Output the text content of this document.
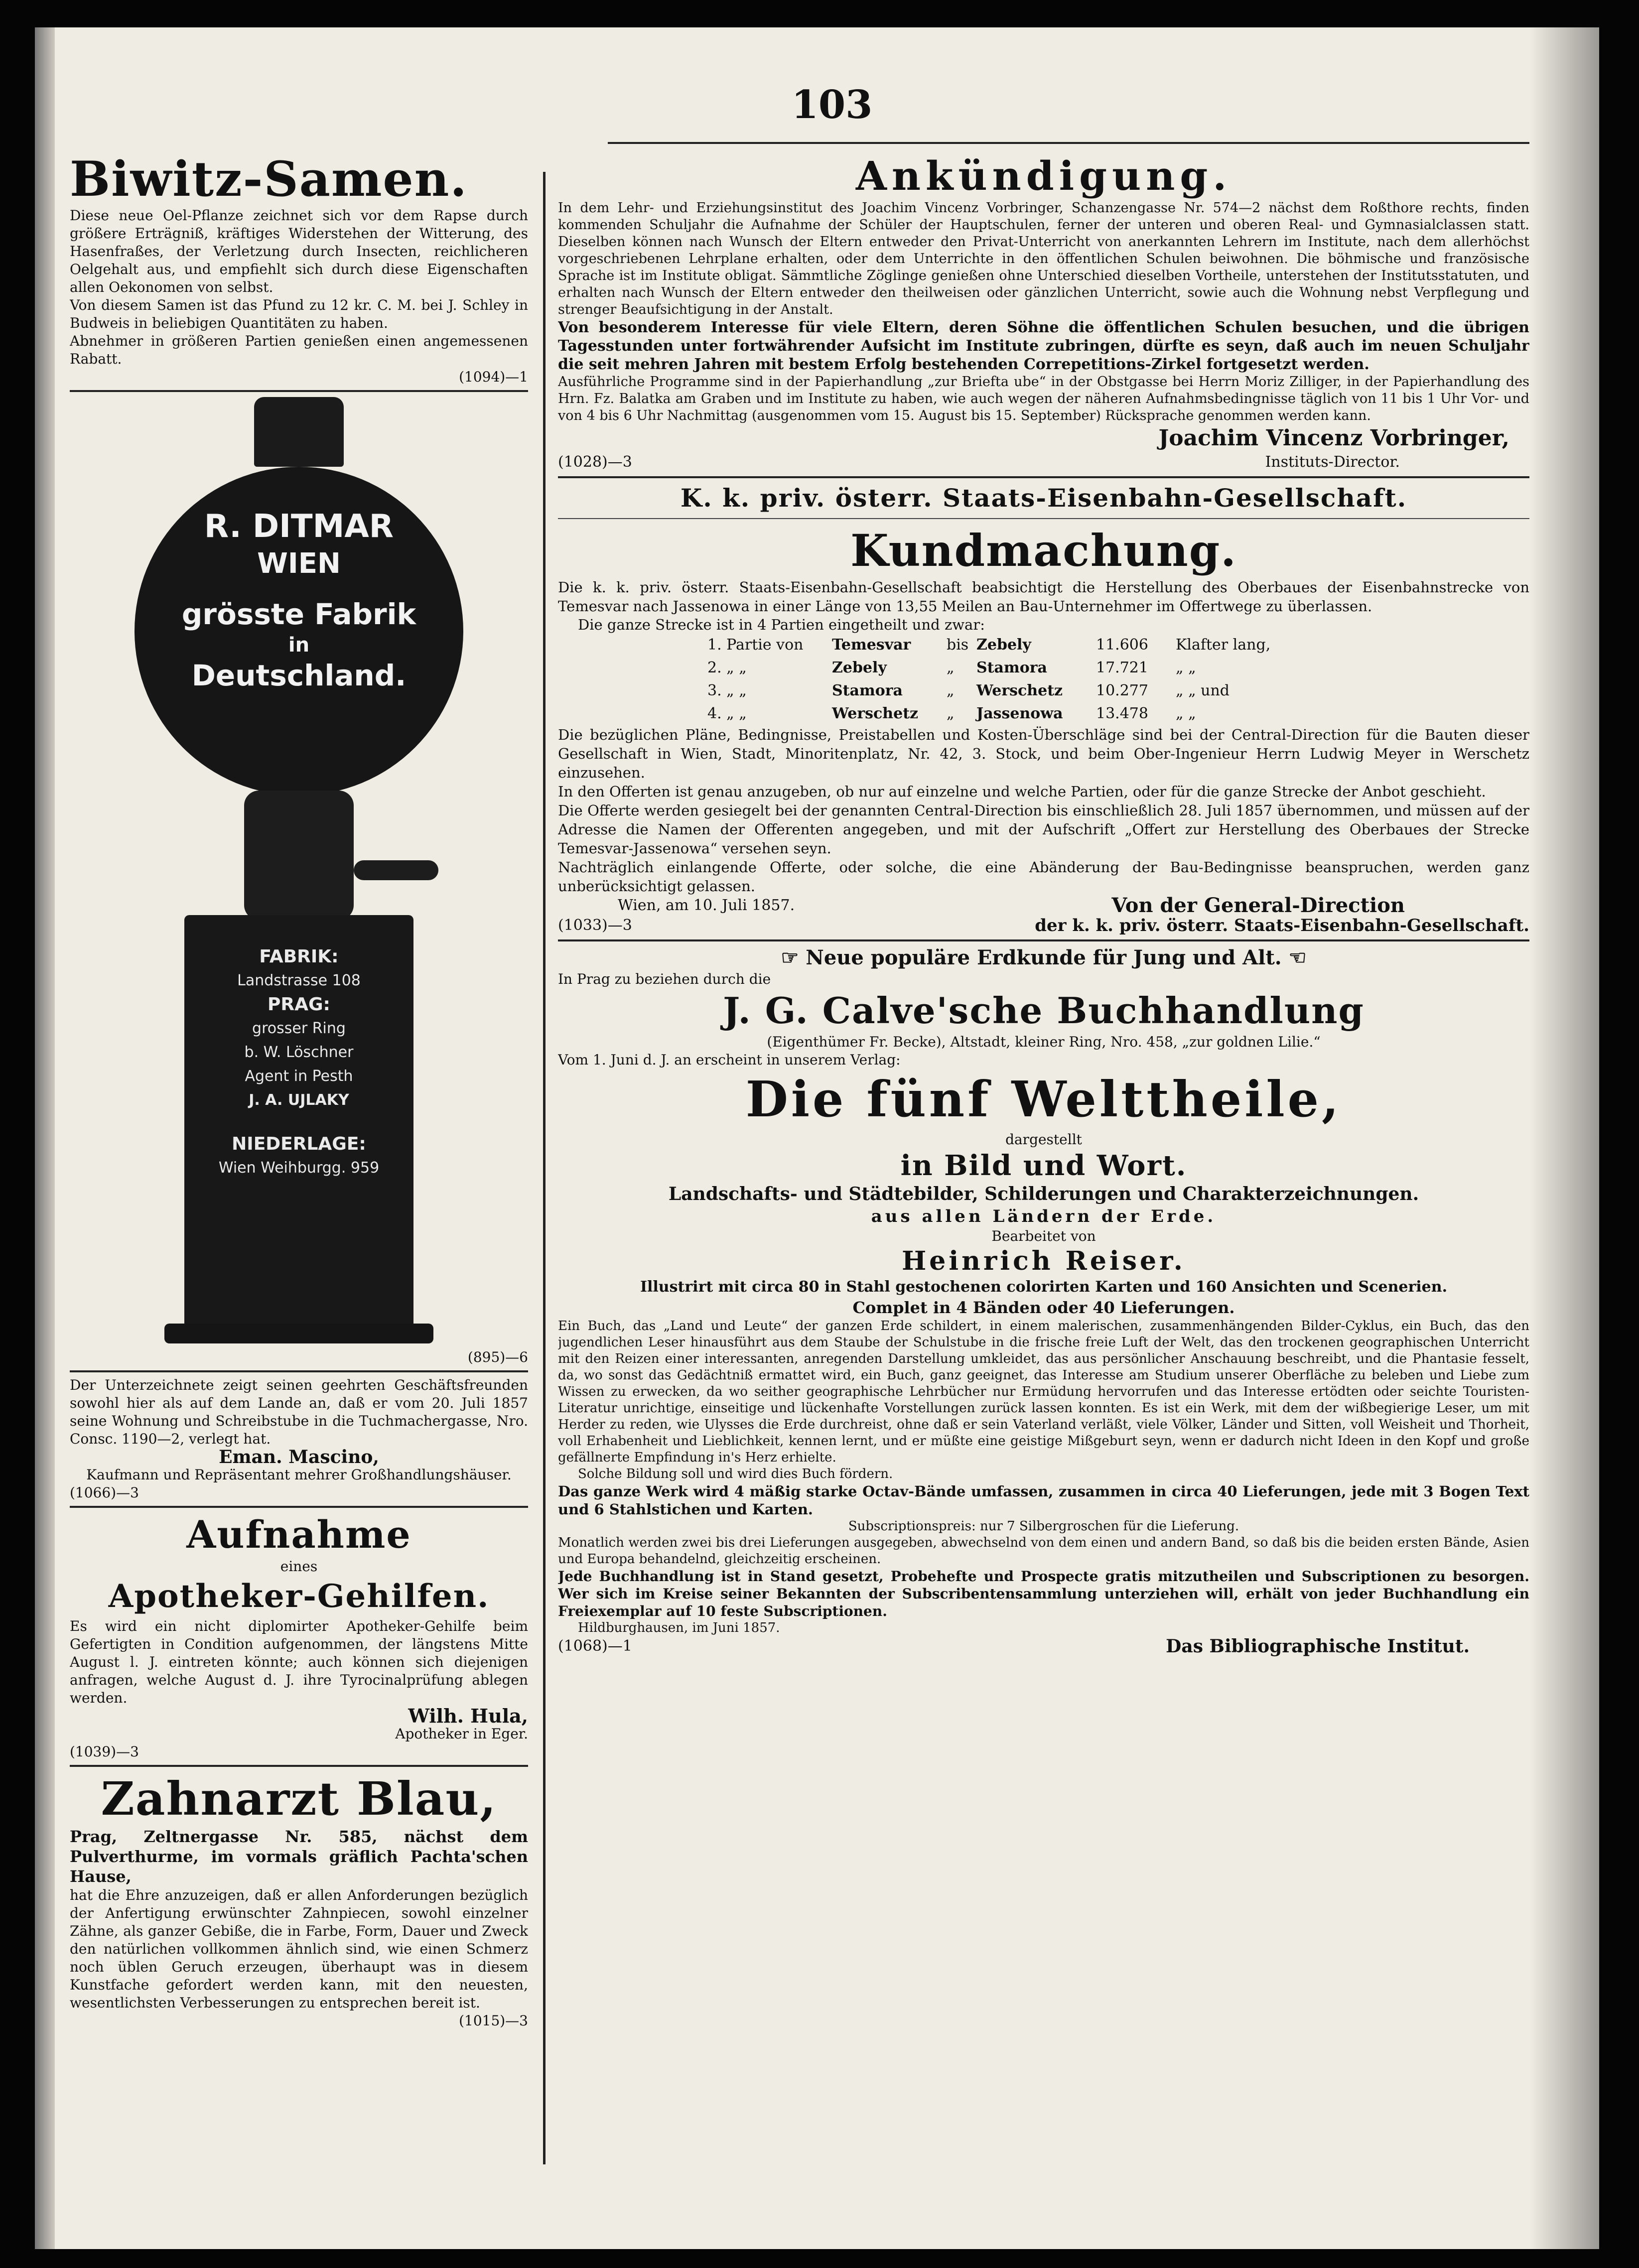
103
Biwitz-Samen.
Diese neue Oel-Pflanze zeichnet sich vor dem Rapse durch größere Erträgniß, kräftiges Widerstehen der Witterung, des Hasenfraßes, der Verletzung durch Insecten, reichlicheren Oelgehalt aus, und empfiehlt sich durch diese Eigenschaften allen Oekonomen von selbst.
Von diesem Samen ist das Pfund zu 12 kr. C. M. bei J. Schley in Budweis in beliebigen Quantitäten zu haben.
Abnehmer in größeren Partien genießen einen angemessenen Rabatt.
(1094)—1
R. DITMAR
WIEN
grösste Fabrik
in
Deutschland.
FABRIK:
Landstrasse 108
PRAG:
grosser Ring
b. W. Löschner
Agent in Pesth
J. A. UJLAKY
NIEDERLAGE:
Wien Weihburgg. 959
(895)—6
Der Unterzeichnete zeigt seinen geehrten Geschäftsfreunden sowohl hier als auf dem Lande an, daß er vom 20. Juli 1857 seine Wohnung und Schreibstube in die Tuchmachergasse, Nro. Consc. 1190—2, verlegt hat.
Eman. Mascino,
Kaufmann und Repräsentant mehrer Großhandlungshäuser.
(1066)—3
Aufnahme
eines
Apotheker-Gehilfen.
Es wird ein nicht diplomirter Apotheker-Gehilfe beim Gefertigten in Condition aufgenommen, der längstens Mitte August l. J. eintreten könnte; auch können sich diejenigen anfragen, welche August d. J. ihre Tyrocinalprüfung ablegen werden.
Wilh. Hula,
Apotheker in Eger.
(1039)—3
Zahnarzt Blau,
Prag, Zeltnergasse Nr. 585, nächst dem Pulverthurme, im vormals gräflich Pachta'schen Hause,
hat die Ehre anzuzeigen, daß er allen Anforderungen bezüglich der Anfertigung erwünschter Zahnpiecen, sowohl einzelner Zähne, als ganzer Gebiße, die in Farbe, Form, Dauer und Zweck den natürlichen vollkommen ähnlich sind, wie einen Schmerz noch üblen Geruch erzeugen, überhaupt was in diesem Kunstfache gefordert werden kann, mit den neuesten, wesentlichsten Verbesserungen zu entsprechen bereit ist.
(1015)—3
Ankündigung.
In dem Lehr- und Erziehungsinstitut des Joachim Vincenz Vorbringer, Schanzengasse Nr. 574—2 nächst dem Roßthore rechts, finden kommenden Schuljahr die Aufnahme der Schüler der Hauptschulen, ferner der unteren und oberen Real- und Gymnasialclassen statt. Dieselben können nach Wunsch der Eltern entweder den Privat-Unterricht von anerkannten Lehrern im Institute, nach dem allerhöchst vorgeschriebenen Lehrplane erhalten, oder dem Unterrichte in den öffentlichen Schulen beiwohnen. Die böhmische und französische Sprache ist im Institute obligat. Sämmtliche Zöglinge genießen ohne Unterschied dieselben Vortheile, unterstehen der Institutsstatuten, und erhalten nach Wunsch der Eltern entweder den theilweisen oder gänzlichen Unterricht, sowie auch die Wohnung nebst Verpflegung und strenger Beaufsichtigung in der Anstalt.
Von besonderem Interesse für viele Eltern, deren Söhne die öffentlichen Schulen besuchen, und die übrigen Tagesstunden unter fortwährender Aufsicht im Institute zubringen, dürfte es seyn, daß auch im neuen Schuljahr die seit mehren Jahren mit bestem Erfolg bestehenden Correpetitions-Zirkel fortgesetzt werden.
Ausführliche Programme sind in der Papierhandlung „zur Briefta ube“ in der Obstgasse bei Herrn Moriz Zilliger, in der Papierhandlung des Hrn. Fz. Balatka am Graben und im Institute zu haben, wie auch wegen der näheren Aufnahmsbedingnisse täglich von 11 bis 1 Uhr Vor- und von 4 bis 6 Uhr Nachmittag (ausgenommen vom 15. August bis 15. September) Rücksprache genommen werden kann.
Joachim Vincenz Vorbringer,
(1028)—3	Instituts-Director.
K. k. priv. österr. Staats-Eisenbahn-Gesellschaft.
Kundmachung.
Die k. k. priv. österr. Staats-Eisenbahn-Gesellschaft beabsichtigt die Herstellung des Oberbaues der Eisenbahnstrecke von Temesvar nach Jassenowa in einer Länge von 13,55 Meilen an Bau-Unternehmer im Offertwege zu überlassen.
Die ganze Strecke ist in 4 Partien eingetheilt und zwar:
1. Partie von	Temesvar	bis Zebely	11.606	Klafter lang,
2. „ „	Zebely	„	Stamora	17.721	„ „
3. „ „	Stamora	„	Werschetz	10.277	„ „ und
4. „ „	Werschetz	„	Jassenowa	13.478	„ „
Die bezüglichen Pläne, Bedingnisse, Preistabellen und Kosten-Überschläge sind bei der Central-Direction für die Bauten dieser Gesellschaft in Wien, Stadt, Minoritenplatz, Nr. 42, 3. Stock, und beim Ober-Ingenieur Herrn Ludwig Meyer in Werschetz einzusehen.
In den Offerten ist genau anzugeben, ob nur auf einzelne und welche Partien, oder für die ganze Strecke der Anbot geschieht.
Die Offerte werden gesiegelt bei der genannten Central-Direction bis einschließlich 28. Juli 1857 übernommen, und müssen auf der Adresse die Namen der Offerenten angegeben, und mit der Aufschrift „Offert zur Herstellung des Oberbaues der Strecke Temesvar-Jassenowa“ versehen seyn.
Nachträglich einlangende Offerte, oder solche, die eine Abänderung der Bau-Bedingnisse beanspruchen, werden ganz unberücksichtigt gelassen.
Wien, am 10. Juli 1857.	Von der General-Direction
(1033)—3	der k. k. priv. österr. Staats-Eisenbahn-Gesellschaft.
☞ Neue populäre Erdkunde für Jung und Alt. ☜
In Prag zu beziehen durch die
J. G. Calve'sche Buchhandlung
(Eigenthümer Fr. Becke), Altstadt, kleiner Ring, Nro. 458, „zur goldnen Lilie.“
Vom 1. Juni d. J. an erscheint in unserem Verlag:
Die fünf Welttheile,
dargestellt
in Bild und Wort.
Landschafts- und Städtebilder, Schilderungen und Charakterzeichnungen.
aus allen Ländern der Erde.
Bearbeitet von
Heinrich Reiser.
Illustrirt mit circa 80 in Stahl gestochenen colorirten Karten und 160 Ansichten und Scenerien.
Complet in 4 Bänden oder 40 Lieferungen.
Ein Buch, das „Land und Leute“ der ganzen Erde schildert, in einem malerischen, zusammenhängenden Bilder-Cyklus, ein Buch, das den jugendlichen Leser hinausführt aus dem Staube der Schulstube in die frische freie Luft der Welt, das den trockenen geographischen Unterricht mit den Reizen einer interessanten, anregenden Darstellung umkleidet, das aus persönlicher Anschauung beschreibt, und die Phantasie fesselt, da, wo sonst das Gedächtniß ermattet wird, ein Buch, ganz geeignet, das Interesse am Studium unserer Oberfläche zu beleben und Liebe zum Wissen zu erwecken, da wo seither geographische Lehrbücher nur Ermüdung hervorrufen und das Interesse ertödten oder seichte Touristen-Literatur unrichtige, einseitige und lückenhafte Vorstellungen zurück lassen konnten. Es ist ein Werk, mit dem der wißbegierige Leser, um mit Herder zu reden, wie Ulysses die Erde durchreist, ohne daß er sein Vaterland verläßt, viele Völker, Länder und Sitten, voll Weisheit und Thorheit, voll Erhabenheit und Lieblichkeit, kennen lernt, und er müßte eine geistige Mißgeburt seyn, wenn er dadurch nicht Ideen in den Kopf und große gefällnerte Empfindung in's Herz erhielte.
Solche Bildung soll und wird dies Buch fördern.
Das ganze Werk wird 4 mäßig starke Octav-Bände umfassen, zusammen in circa 40 Lieferungen, jede mit 3 Bogen Text und 6 Stahlstichen und Karten.
Subscriptionspreis: nur 7 Silbergroschen für die Lieferung.
Monatlich werden zwei bis drei Lieferungen ausgegeben, abwechselnd von dem einen und andern Band, so daß bis die beiden ersten Bände, Asien und Europa behandelnd, gleichzeitig erscheinen.
Jede Buchhandlung ist in Stand gesetzt, Probehefte und Prospecte gratis mitzutheilen und Subscriptionen zu besorgen. Wer sich im Kreise seiner Bekannten der Subscribentensammlung unterziehen will, erhält von jeder Buchhandlung ein Freiexemplar auf 10 feste Subscriptionen.
Hildburghausen, im Juni 1857.
(1068)—1	Das Bibliographische Institut.
